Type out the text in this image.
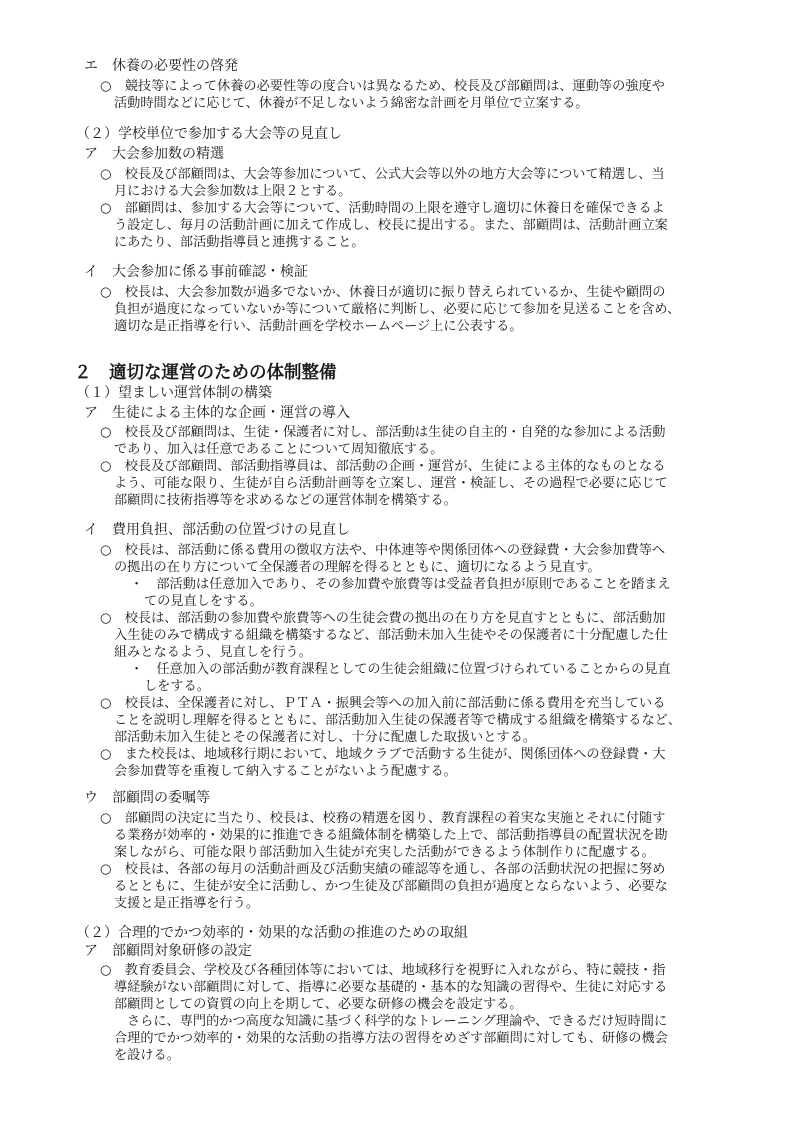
エ　休養の必要性の啓発
○　競技等によって休養の必要性等の度合いは異なるため、校長及び部顧問は、運動等の強度や
活動時間などに応じて、休養が不足しないよう綿密な計画を月単位で立案する。
（２）学校単位で参加する大会等の見直し
ア　大会参加数の精選
○　校長及び部顧問は、大会等参加について、公式大会等以外の地方大会等について精選し、当
月における大会参加数は上限２とする。
○　部顧問は、参加する大会等について、活動時間の上限を遵守し適切に休養日を確保できるよ
う設定し、毎月の活動計画に加えて作成し、校長に提出する。また、部顧問は、活動計画立案
にあたり、部活動指導員と連携すること。
イ　大会参加に係る事前確認・検証
○　校長は、大会参加数が過多でないか、休養日が適切に振り替えられているか、生徒や顧問の
負担が過度になっていないか等について厳格に判断し、必要に応じて参加を見送ることを含め、
適切な是正指導を行い、活動計画を学校ホームページ上に公表する。
２　適切な運営のための体制整備
（１）望ましい運営体制の構築
ア　生徒による主体的な企画・運営の導入
○　校長及び部顧問は、生徒・保護者に対し、部活動は生徒の自主的・自発的な参加による活動
であり、加入は任意であることについて周知徹底する。
○　校長及び部顧問、部活動指導員は、部活動の企画・運営が、生徒による主体的なものとなる
よう、可能な限り、生徒が自ら活動計画等を立案し、運営・検証し、その過程で必要に応じて
部顧問に技術指導等を求めるなどの運営体制を構築する。
イ　費用負担、部活動の位置づけの見直し
○　校長は、部活動に係る費用の徴収方法や、中体連等や関係団体への登録費・大会参加費等へ
の拠出の在り方について全保護者の理解を得るとともに、適切になるよう見直す。
・　部活動は任意加入であり、その参加費や旅費等は受益者負担が原則であることを踏まえ
ての見直しをする。
○　校長は、部活動の参加費や旅費等への生徒会費の拠出の在り方を見直すとともに、部活動加
入生徒のみで構成する組織を構築するなど、部活動未加入生徒やその保護者に十分配慮した仕
組みとなるよう、見直しを行う。
・　任意加入の部活動が教育課程としての生徒会組織に位置づけられていることからの見直
しをする。
○　校長は、全保護者に対し、ＰＴＡ・振興会等への加入前に部活動に係る費用を充当している
ことを説明し理解を得るとともに、部活動加入生徒の保護者等で構成する組織を構築するなど、
部活動未加入生徒とその保護者に対し、十分に配慮した取扱いとする。
○　また校長は、地域移行期において、地域クラブで活動する生徒が、関係団体への登録費・大
会参加費等を重複して納入することがないよう配慮する。
ウ　部顧問の委嘱等
○　部顧問の決定に当たり、校長は、校務の精選を図り、教育課程の着実な実施とそれに付随す
る業務が効率的・効果的に推進できる組織体制を構築した上で、部活動指導員の配置状況を勘
案しながら、可能な限り部活動加入生徒が充実した活動ができるよう体制作りに配慮する。
○　校長は、各部の毎月の活動計画及び活動実績の確認等を通し、各部の活動状況の把握に努め
るとともに、生徒が安全に活動し、かつ生徒及び部顧問の負担が過度とならないよう、必要な
支援と是正指導を行う。
（２）合理的でかつ効率的・効果的な活動の推進のための取組
ア　部顧問対象研修の設定
○　教育委員会、学校及び各種団体等においては、地域移行を視野に入れながら、特に競技・指
導経験がない部顧問に対して、指導に必要な基礎的・基本的な知識の習得や、生徒に対応する
部顧問としての資質の向上を期して、必要な研修の機会を設定する。
さらに、専門的かつ高度な知識に基づく科学的なトレーニング理論や、できるだけ短時間に
合理的でかつ効率的・効果的な活動の指導方法の習得をめざす部顧問に対しても、研修の機会
を設ける。
